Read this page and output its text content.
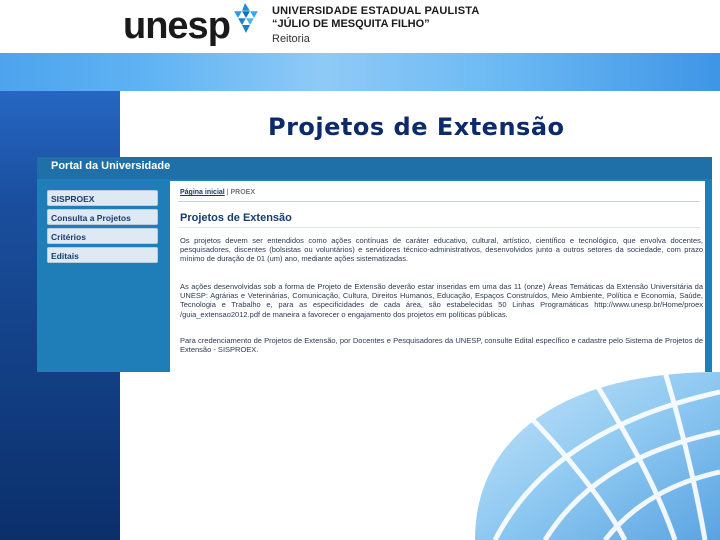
unesp	UNIVERSIDADE ESTADUAL PAULISTA
“JÚLIO DE MESQUITA FILHO”
Reitoria
Projetos de Extensão
Portal da Universidade
SISPROEX
Consulta a Projetos
Critérios
Editais
Página inicial | PROEX
Projetos de Extensão

Os projetos devem ser entendidos como ações contínuas de caráter educativo, cultural, artístico, científico e tecnológico, que envolva docentes, pesquisadores, discentes (bolsistas ou voluntários) e servidores técnico-administrativos, desenvolvidos junto a outros setores da sociedade, com prazo mínimo de duração de 01 (um) ano, mediante ações sistematizadas.

As ações desenvolvidas sob a forma de Projeto de Extensão deverão estar inseridas em uma das 11 (onze) Áreas Temáticas da Extensão Universitária da UNESP: Agrárias e Veterinárias, Comunicação, Cultura, Direitos Humanos, Educação, Espaços Construídos, Meio Ambiente, Política e Economia, Saúde, Tecnologia e Trabalho e, para as especificidades de cada área, são estabelecidas 50 Linhas Programáticas http://www.unesp.br/Home/proex /guia_extensao2012.pdf de maneira a favorecer o engajamento dos projetos em políticas públicas.

Para credenciamento de Projetos de Extensão, por Docentes e Pesquisadores da UNESP, consulte Edital específico e cadastre pelo Sistema de Projetos de Extensão - SISPROEX.
